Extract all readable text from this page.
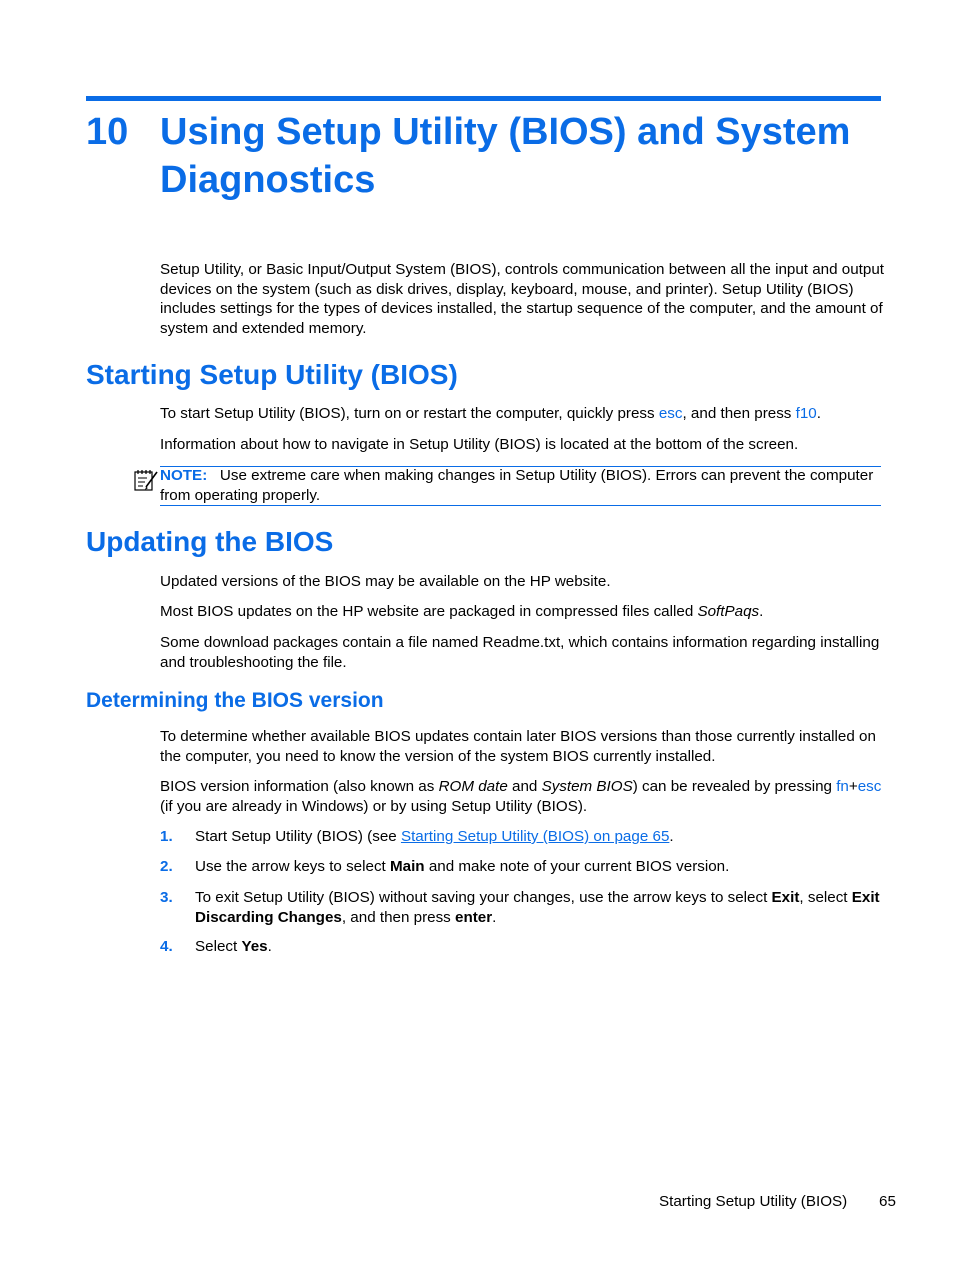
10 Using Setup Utility (BIOS) and System Diagnostics

Setup Utility, or Basic Input/Output System (BIOS), controls communication between all the input and output devices on the system (such as disk drives, display, keyboard, mouse, and printer). Setup Utility (BIOS) includes settings for the types of devices installed, the startup sequence of the computer, and the amount of system and extended memory.

Starting Setup Utility (BIOS)

To start Setup Utility (BIOS), turn on or restart the computer, quickly press esc, and then press f10.

Information about how to navigate in Setup Utility (BIOS) is located at the bottom of the screen.

NOTE: Use extreme care when making changes in Setup Utility (BIOS). Errors can prevent the computer from operating properly.

Updating the BIOS

Updated versions of the BIOS may be available on the HP website.

Most BIOS updates on the HP website are packaged in compressed files called SoftPaqs.

Some download packages contain a file named Readme.txt, which contains information regarding installing and troubleshooting the file.

Determining the BIOS version

To determine whether available BIOS updates contain later BIOS versions than those currently installed on the computer, you need to know the version of the system BIOS currently installed.

BIOS version information (also known as ROM date and System BIOS) can be revealed by pressing fn+esc (if you are already in Windows) or by using Setup Utility (BIOS).

1. Start Setup Utility (BIOS) (see Starting Setup Utility (BIOS) on page 65.

2. Use the arrow keys to select Main and make note of your current BIOS version.

3. To exit Setup Utility (BIOS) without saving your changes, use the arrow keys to select Exit, select Exit Discarding Changes, and then press enter.

4. Select Yes.

Starting Setup Utility (BIOS) 65
